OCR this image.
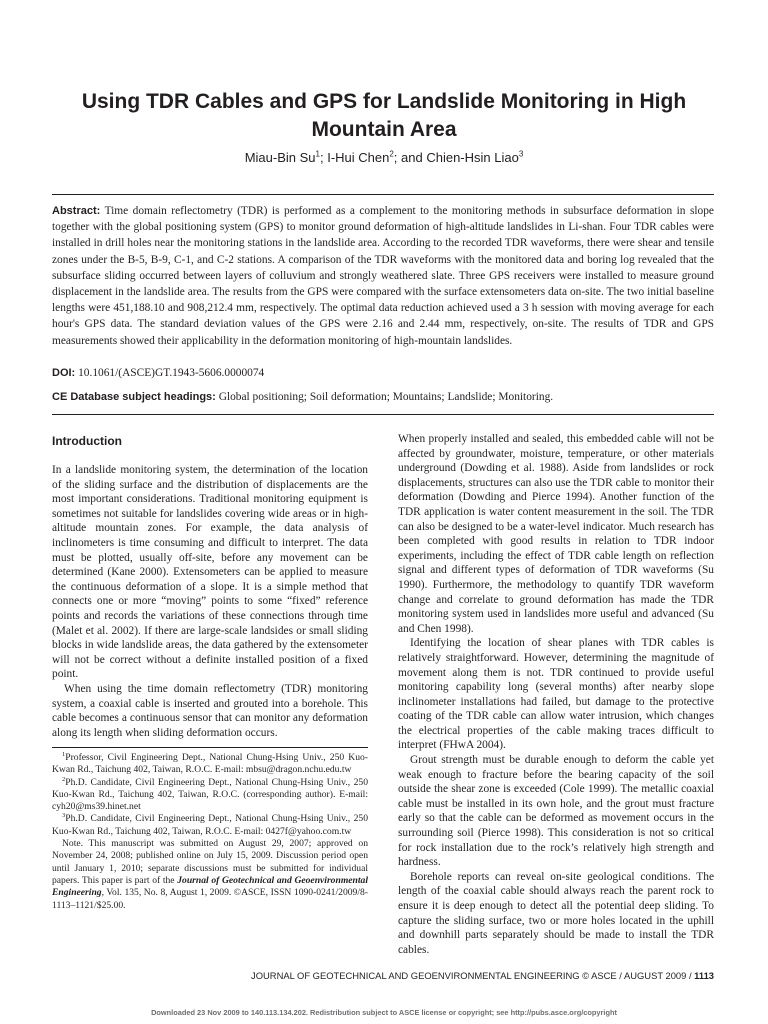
Using TDR Cables and GPS for Landslide Monitoring in High Mountain Area
Miau-Bin Su$^1$; I-Hui Chen$^2$; and Chien-Hsin Liao$^3$
Abstract: Time domain reflectometry (TDR) is performed as a complement to the monitoring methods in subsurface deformation in slope together with the global positioning system (GPS) to monitor ground deformation of high-altitude landslides in Li-shan. Four TDR cables were installed in drill holes near the monitoring stations in the landslide area. According to the recorded TDR waveforms, there were shear and tensile zones under the B-5, B-9, C-1, and C-2 stations. A comparison of the TDR waveforms with the monitored data and boring log revealed that the subsurface sliding occurred between layers of colluvium and strongly weathered slate. Three GPS receivers were installed to measure ground displacement in the landslide area. The results from the GPS were compared with the surface extensometers data on-site. The two initial baseline lengths were 451,188.10 and 908,212.4 mm, respectively. The optimal data reduction achieved used a 3 h session with moving average for each hour's GPS data. The standard deviation values of the GPS were 2.16 and 2.44 mm, respectively, on-site. The results of TDR and GPS measurements showed their applicability in the deformation monitoring of high-mountain landslides.
DOI: 10.1061/(ASCE)GT.1943-5606.0000074
CE Database subject headings: Global positioning; Soil deformation; Mountains; Landslide; Monitoring.
Introduction

In a landslide monitoring system, the determination of the location of the sliding surface and the distribution of displacements are the most important considerations. Traditional monitoring equipment is sometimes not suitable for landslides covering wide areas or in high-altitude mountain zones. For example, the data analysis of inclinometers is time consuming and difficult to interpret. The data must be plotted, usually off-site, before any movement can be determined (Kane 2000). Extensometers can be applied to measure the continuous deformation of a slope. It is a simple method that connects one or more “moving” points to some “fixed” reference points and records the variations of these connections through time (Malet et al. 2002). If there are large-scale landsides or small sliding blocks in wide landslide areas, the data gathered by the extensometer will not be correct without a definite installed position of a fixed point.

When using the time domain reflectometry (TDR) monitoring system, a coaxial cable is inserted and grouted into a borehole. This cable becomes a continuous sensor that can monitor any deformation along its length when sliding deformation occurs.

$^1$Professor, Civil Engineering Dept., National Chung-Hsing Univ., 250 Kuo-Kwan Rd., Taichung 402, Taiwan, R.O.C. E-mail: mbsu@dragon.nchu.edu.tw

$^2$Ph.D. Candidate, Civil Engineering Dept., National Chung-Hsing Univ., 250 Kuo-Kwan Rd., Taichung 402, Taiwan, R.O.C. (corresponding author). E-mail: cyh20@ms39.hinet.net

$^3$Ph.D. Candidate, Civil Engineering Dept., National Chung-Hsing Univ., 250 Kuo-Kwan Rd., Taichung 402, Taiwan, R.O.C. E-mail: 0427f@yahoo.com.tw

Note. This manuscript was submitted on August 29, 2007; approved on November 24, 2008; published online on July 15, 2009. Discussion period open until January 1, 2010; separate discussions must be submitted for individual papers. This paper is part of the Journal of Geotechnical and Geoenvironmental Engineering, Vol. 135, No. 8, August 1, 2009. ©ASCE, ISSN 1090-0241/2009/8-1113–1121/$25.00.

When properly installed and sealed, this embedded cable will not be affected by groundwater, moisture, temperature, or other materials underground (Dowding et al. 1988). Aside from landslides or rock displacements, structures can also use the TDR cable to monitor their deformation (Dowding and Pierce 1994). Another function of the TDR application is water content measurement in the soil. The TDR can also be designed to be a water-level indicator. Much research has been completed with good results in relation to TDR indoor experiments, including the effect of TDR cable length on reflection signal and different types of deformation of TDR waveforms (Su 1990). Furthermore, the methodology to quantify TDR waveform change and correlate to ground deformation has made the TDR monitoring system used in landslides more useful and advanced (Su and Chen 1998).

Identifying the location of shear planes with TDR cables is relatively straightforward. However, determining the magnitude of movement along them is not. TDR continued to provide useful monitoring capability long (several months) after nearby slope inclinometer installations had failed, but damage to the protective coating of the TDR cable can allow water intrusion, which changes the electrical properties of the cable making traces difficult to interpret (FHwA 2004).

Grout strength must be durable enough to deform the cable yet weak enough to fracture before the bearing capacity of the soil outside the shear zone is exceeded (Cole 1999). The metallic coaxial cable must be installed in its own hole, and the grout must fracture early so that the cable can be deformed as movement occurs in the surrounding soil (Pierce 1998). This consideration is not so critical for rock installation due to the rock’s relatively high strength and hardness.

Borehole reports can reveal on-site geological conditions. The length of the coaxial cable should always reach the parent rock to ensure it is deep enough to detect all the potential deep sliding. To capture the sliding surface, two or more holes located in the uphill and downhill parts separately should be made to install the TDR cables.

JOURNAL OF GEOTECHNICAL AND GEOENVIRONMENTAL ENGINEERING © ASCE / AUGUST 2009 / 1113
Downloaded 23 Nov 2009 to 140.113.134.202. Redistribution subject to ASCE license or copyright; see http://pubs.asce.org/copyright
